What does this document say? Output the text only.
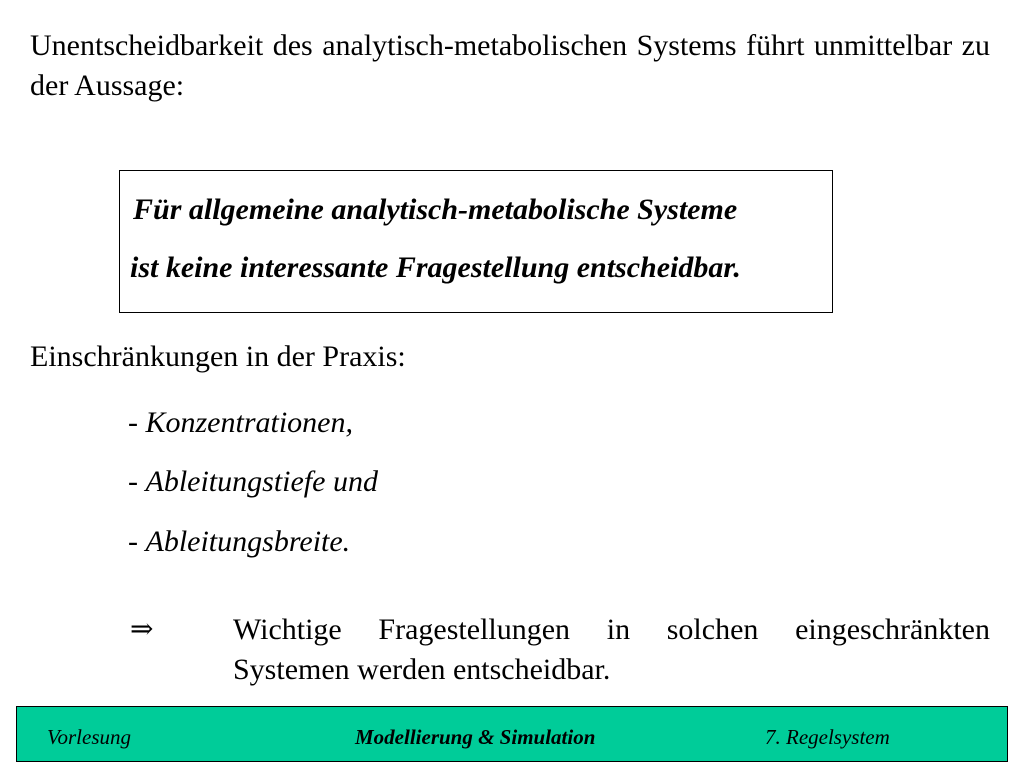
Unentscheidbarkeit des analytisch-metabolischen Systems führt unmittelbar zu der Aussage:

Für allgemeine analytisch-metabolische Systeme
ist keine interessante Fragestellung entscheidbar.

Einschränkungen in der Praxis:

- Konzentrationen,
- Ableitungstiefe und
- Ableitungsbreite.
⇒	Wichtige Fragestellungen in solchen eingeschränkten Systemen werden entscheidbar.

Vorlesung	Modellierung & Simulation	7. Regelsystem
